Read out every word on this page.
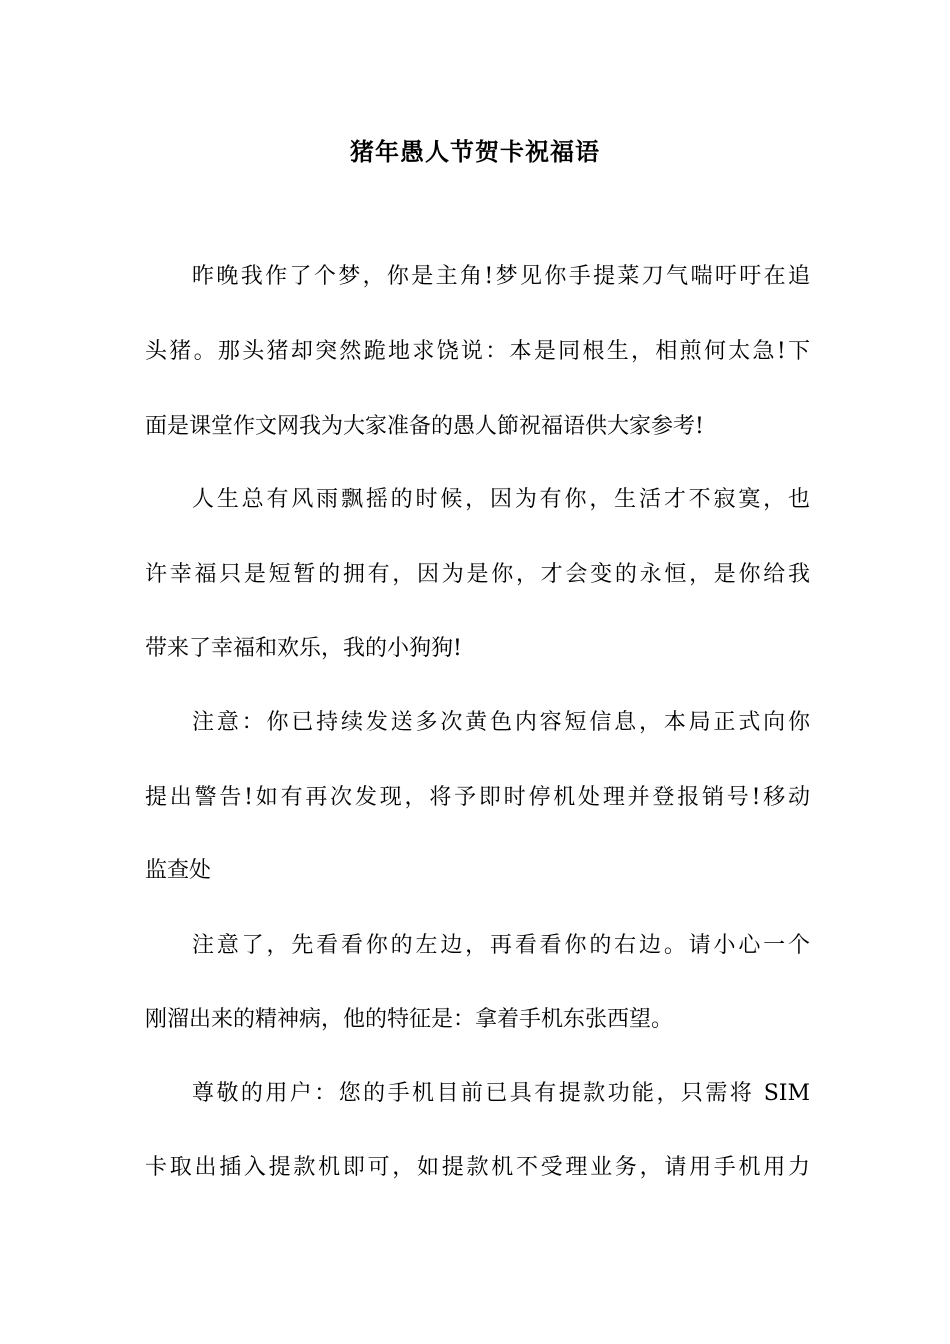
猪年愚人节贺卡祝福语
昨晚我作了个梦，你是主角!梦见你手提菜刀气喘吁吁在追
头猪。那头猪却突然跪地求饶说：本是同根生，相煎何太急!下
面是课堂作文网我为大家准备的愚人節祝福语供大家参考!
人生总有风雨飘摇的时候，因为有你，生活才不寂寞，也
许幸福只是短暂的拥有，因为是你，才会变的永恒，是你给我
带来了幸福和欢乐，我的小狗狗!
注意：你已持续发送多次黄色内容短信息，本局正式向你
提出警告!如有再次发现，将予即时停机处理并登报销号!移动
监查处
注意了，先看看你的左边，再看看你的右边。请小心一个
刚溜出来的精神病，他的特征是：拿着手机东张西望。
尊敬的用户：您的手机目前已具有提款功能，只需将 SIM
卡取出插入提款机即可，如提款机不受理业务，请用手机用力
